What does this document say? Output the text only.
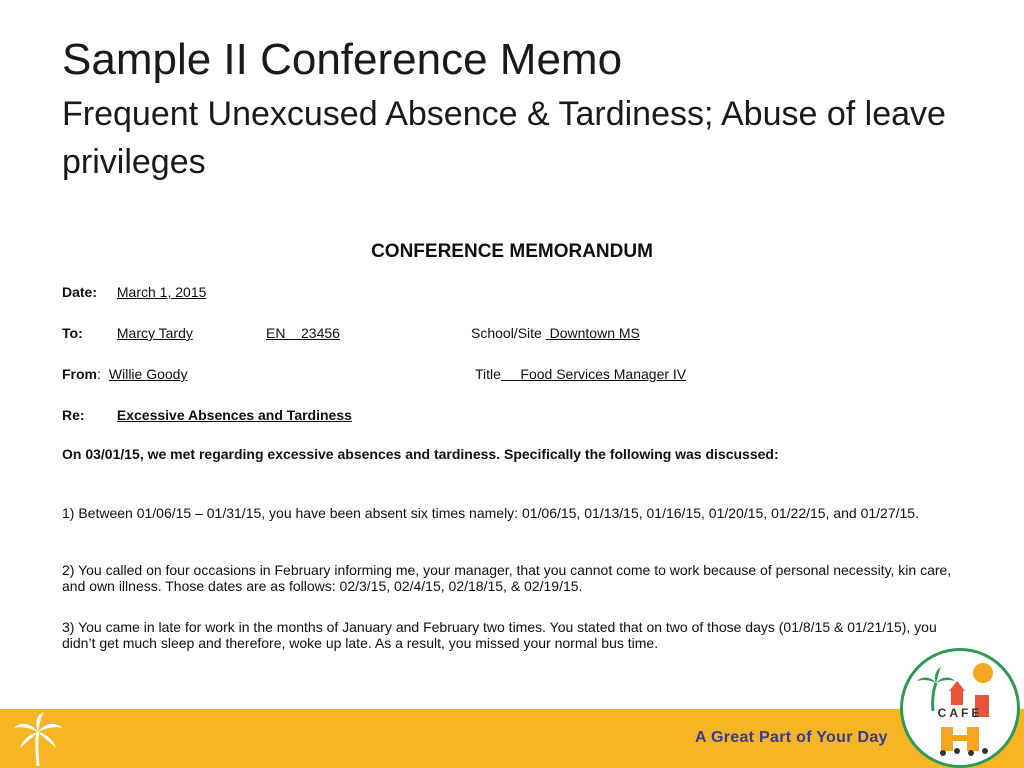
Sample II Conference Memo
Frequent Unexcused Absence & Tardiness; Abuse of leave privileges
CONFERENCE MEMORANDUM
Date: March 1, 2015
To: Marcy Tardy	EN 23456	School/Site Downtown MS
From: Willie Goody	Title Food Services Manager IV
Re: Excessive Absences and Tardiness
On 03/01/15, we met regarding excessive absences and tardiness. Specifically the following was discussed:
1) Between 01/06/15 – 01/31/15, you have been absent six times namely: 01/06/15, 01/13/15, 01/16/15, 01/20/15, 01/22/15, and 01/27/15.
2) You called on four occasions in February informing me, your manager, that you cannot come to work because of personal necessity, kin care, and own illness. Those dates are as follows: 02/3/15, 02/4/15, 02/18/15, & 02/19/15.
3) You came in late for work in the months of January and February two times. You stated that on two of those days (01/8/15 & 01/21/15), you didn’t get much sleep and therefore, woke up late. As a result, you missed your normal bus time.
A Great Part of Your Day
CAFE
